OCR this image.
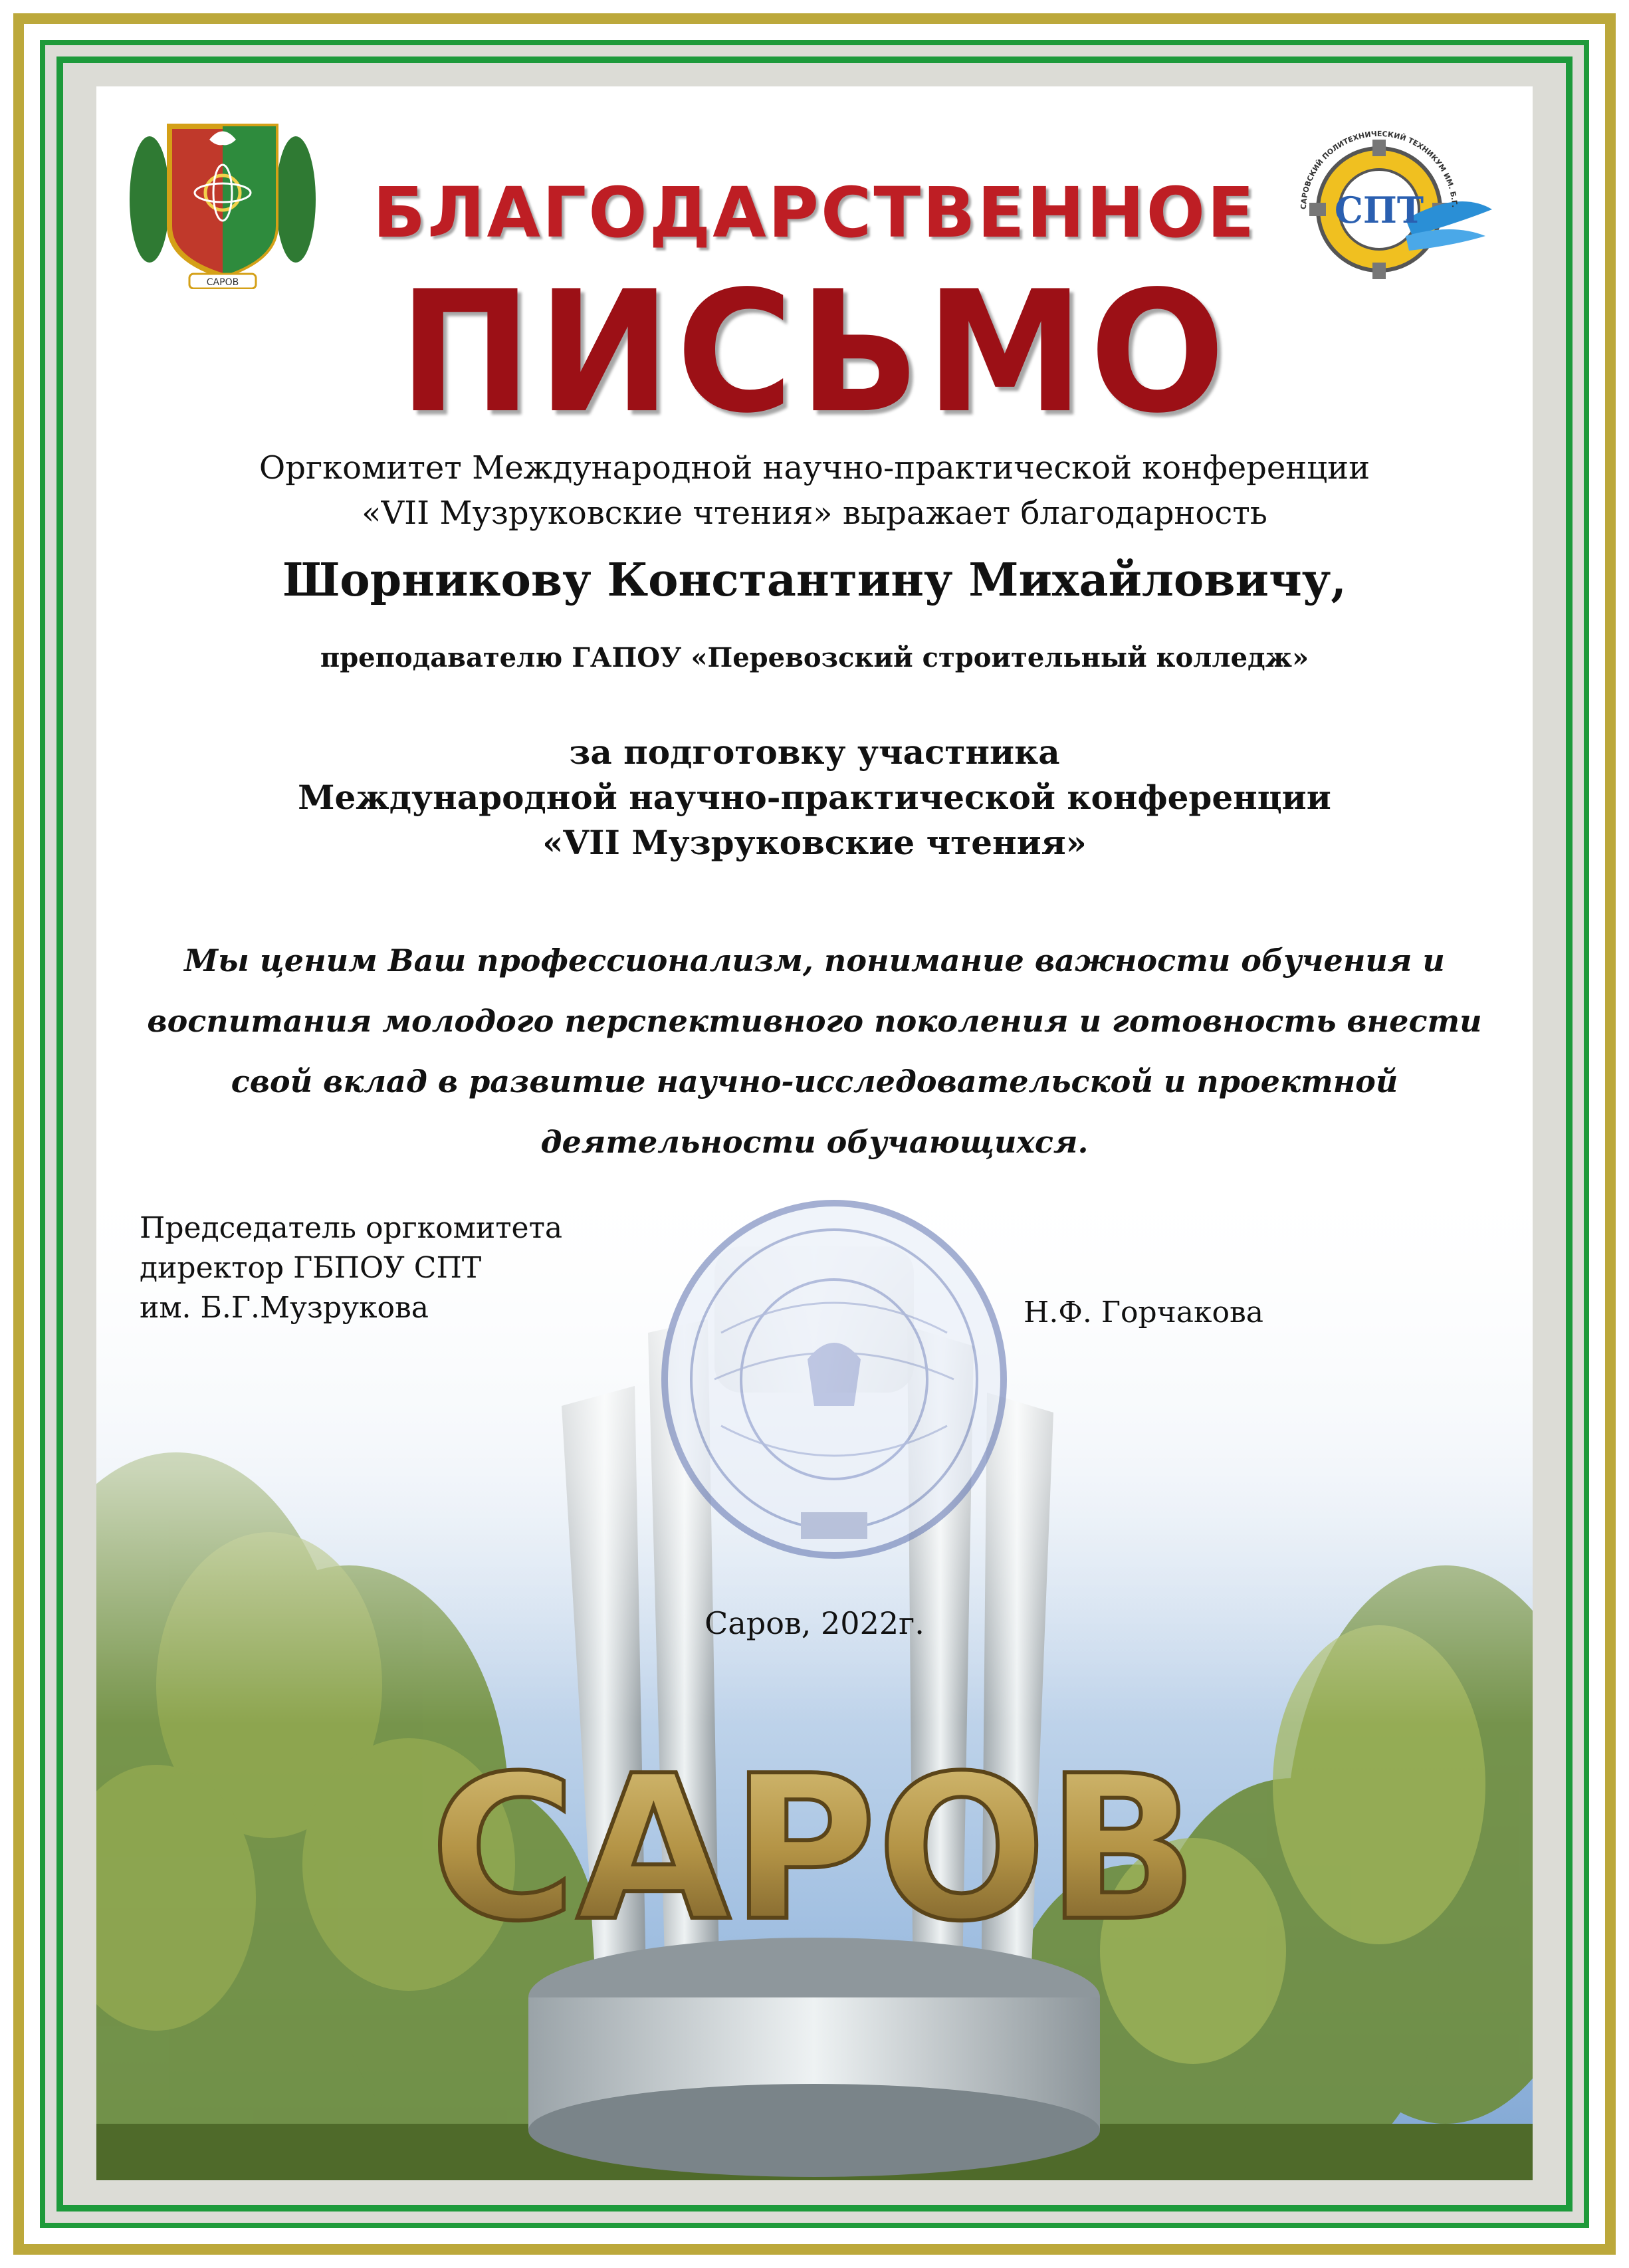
САРОВ
СПТ
САРОВСКИЙ ПОЛИТЕХНИЧЕСКИЙ ТЕХНИКУМ ИМ. Б.Г.
БЛАГОДАРСТВЕННОЕ
ПИСЬМО
Оргкомитет Международной научно-практической конференции
«VII Музруковские чтения» выражает благодарность
Шорникову Константину Михайловичу,
преподавателю ГАПОУ «Перевозский строительный колледж»
за подготовку участника
Международной научно-практической конференции
«VII Музруковские чтения»
Мы ценим Ваш профессионализм, понимание важности обучения и
воспитания молодого перспективного поколения и готовность внести
свой вклад в развитие научно-исследовательской и проектной
деятельности обучающихся.
Председатель оргкомитета
директор ГБПОУ СПТ
им. Б.Г.Музрукова	Н.Ф. Горчакова
Саров, 2022г.
